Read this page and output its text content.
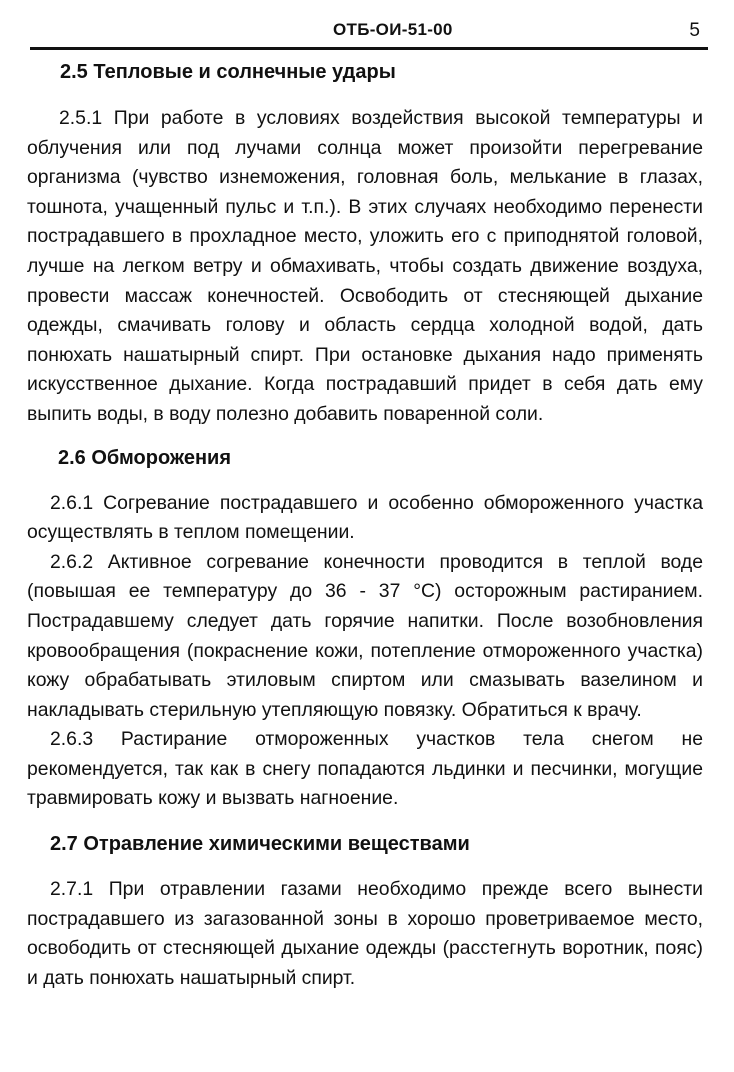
ОТБ-ОИ-51-00	5

2.5 Тепловые и солнечные удары

2.5.1 При работе в условиях воздействия высокой температуры и облучения или под лучами солнца может произойти перегревание организма (чувство изнеможения, головная боль, мелькание в глазах, тошнота, учащенный пульс и т.п.). В этих случаях необходимо перенести пострадавшего в прохладное место, уложить его с приподнятой головой, лучше на легком ветру и обмахивать, чтобы создать движение воздуха, провести массаж конечностей. Освободить от стесняющей дыхание одежды, смачивать голову и область сердца холодной водой, дать понюхать нашатырный спирт. При остановке дыхания надо применять искусственное дыхание. Когда пострадавший придет в себя дать ему выпить воды, в воду полезно добавить поваренной соли.

2.6 Обморожения

2.6.1 Согревание пострадавшего и особенно обмороженного участка осуществлять в теплом помещении.

2.6.2 Активное согревание конечности проводится в теплой воде (повышая ее температуру до 36 - 37 °С) осторожным растиранием. Пострадавшему следует дать горячие напитки. После возобновления кровообращения (покраснение кожи, потепление отмороженного участка) кожу обрабатывать этиловым спиртом или смазывать вазелином и накладывать стерильную утепляющую повязку. Обратиться к врачу.

2.6.3 Растирание отмороженных участков тела снегом не рекомендуется, так как в снегу попадаются льдинки и песчинки, могущие травмировать кожу и вызвать нагноение.

2.7 Отравление химическими веществами

2.7.1 При отравлении газами необходимо прежде всего вынести пострадавшего из загазованной зоны в хорошо проветриваемое место, освободить от стесняющей дыхание одежды (расстегнуть воротник, пояс) и дать понюхать нашатырный спирт.
